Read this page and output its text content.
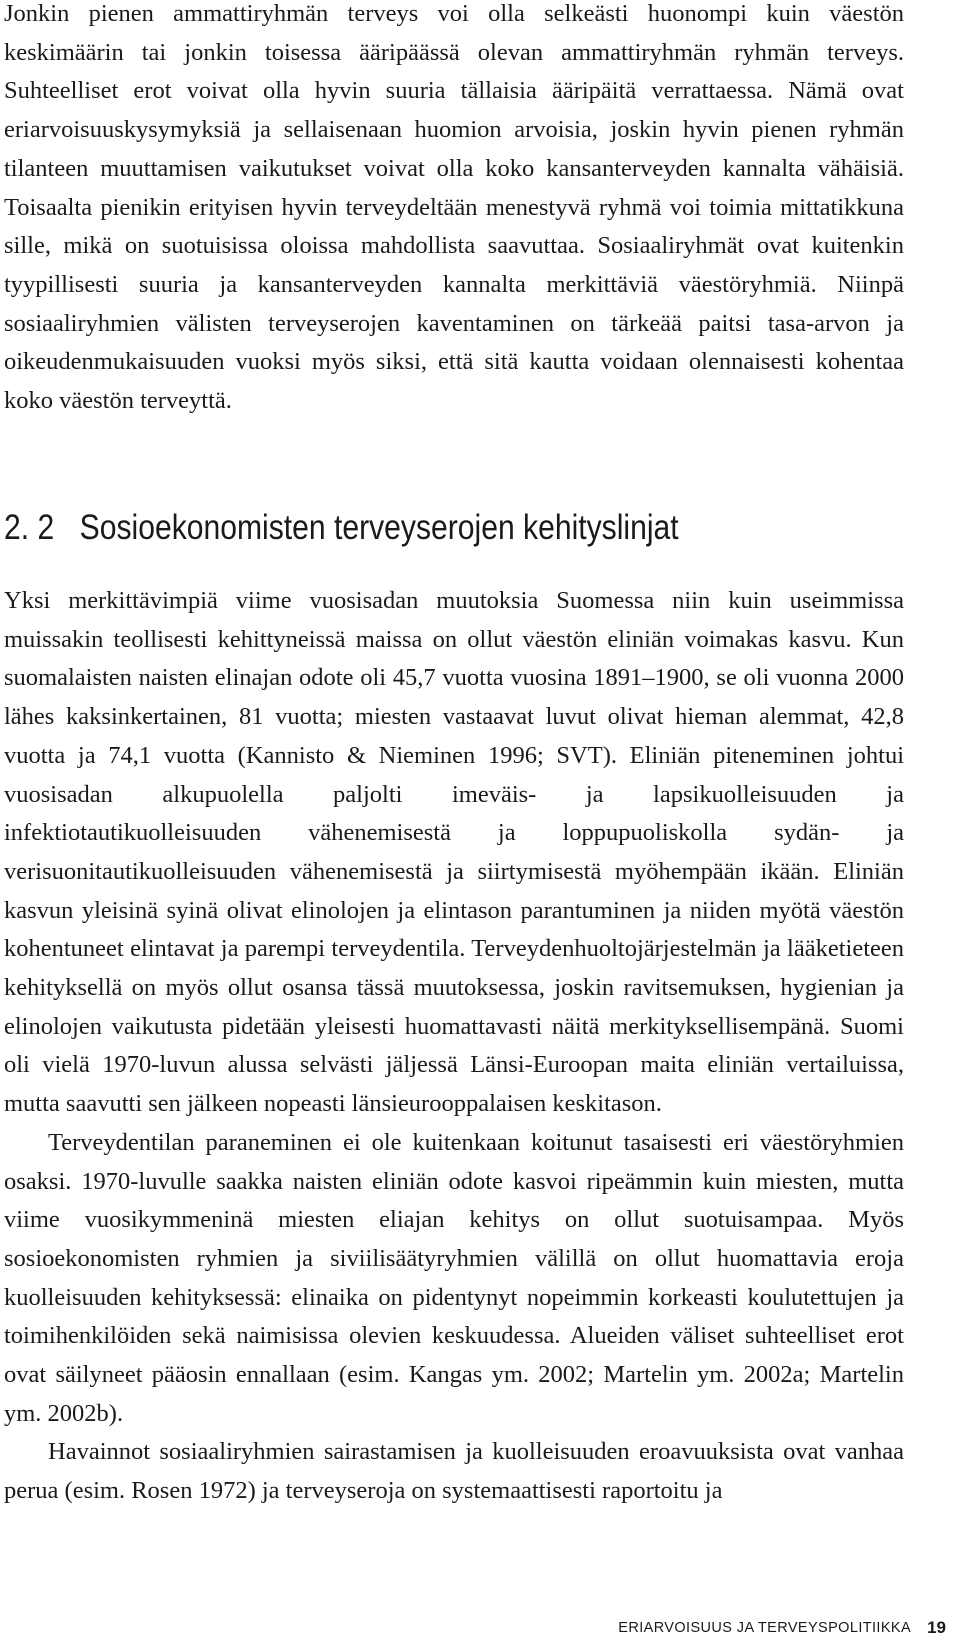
Jonkin pienen ammattiryhmän terveys voi olla selkeästi huonompi kuin väestön keskimäärin tai jonkin toisessa ääripäässä olevan ammattiryhmän ryhmän terveys. Suhteelliset erot voivat olla hyvin suuria tällaisia ääripäitä verrattaessa. Nämä ovat eriarvoisuuskysymyksiä ja sellaisenaan huomion arvoisia, joskin hyvin pienen ryhmän tilanteen muuttamisen vaikutukset voivat olla koko kansanterveyden kannalta vähäisiä. Toisaalta pienikin erityisen hyvin terveydeltään menestyvä ryhmä voi toimia mittatikkuna sille, mikä on suotuisissa oloissa mahdollista saavuttaa. Sosiaaliryhmät ovat kuitenkin tyypillisesti suuria ja kansanterveyden kannalta merkittäviä väestöryhmiä. Niinpä sosiaaliryhmien välisten terveyserojen kaventaminen on tärkeää paitsi tasa-arvon ja oikeudenmukaisuuden vuoksi myös siksi, että sitä kautta voidaan olennaisesti kohentaa koko väestön terveyttä.

2. 2 Sosioekonomisten terveyserojen kehityslinjat

Yksi merkittävimpiä viime vuosisadan muutoksia Suomessa niin kuin useimmissa muissakin teollisesti kehittyneissä maissa on ollut väestön eliniän voimakas kasvu. Kun suomalaisten naisten elinajan odote oli 45,7 vuotta vuosina 1891–1900, se oli vuonna 2000 lähes kaksinkertainen, 81 vuotta; miesten vastaavat luvut olivat hieman alemmat, 42,8 vuotta ja 74,1 vuotta (Kannisto & Nieminen 1996; SVT). Eliniän piteneminen johtui vuosisadan alkupuolella paljolti imeväis- ja lapsikuolleisuuden ja infektiotautikuolleisuuden vähenemisestä ja loppupuoliskolla sydän- ja verisuonitautikuolleisuuden vähenemisestä ja siirtymisestä myöhempään ikään. Eliniän kasvun yleisinä syinä olivat elinolojen ja elintason parantuminen ja niiden myötä väestön kohentuneet elintavat ja parempi terveydentila. Terveydenhuoltojärjestelmän ja lääketieteen kehityksellä on myös ollut osansa tässä muutoksessa, joskin ravitsemuksen, hygienian ja elinolojen vaikutusta pidetään yleisesti huomattavasti näitä merkityksellisempänä. Suomi oli vielä 1970-luvun alussa selvästi jäljessä Länsi-Euroopan maita eliniän vertailuissa, mutta saavutti sen jälkeen nopeasti länsieurooppalaisen keskitason.

Terveydentilan paraneminen ei ole kuitenkaan koitunut tasaisesti eri väestöryhmien osaksi. 1970-luvulle saakka naisten eliniän odote kasvoi ripeämmin kuin miesten, mutta viime vuosikymmeninä miesten eliajan kehitys on ollut suotuisampaa. Myös sosioekonomisten ryhmien ja siviilisäätyryhmien välillä on ollut huomattavia eroja kuolleisuuden kehityksessä: elinaika on pidentynyt nopeimmin korkeasti koulutettujen ja toimihenkilöiden sekä naimisissa olevien keskuudessa. Alueiden väliset suhteelliset erot ovat säilyneet pääosin ennallaan (esim. Kangas ym. 2002; Martelin ym. 2002a; Martelin ym. 2002b).

Havainnot sosiaaliryhmien sairastamisen ja kuolleisuuden eroavuuksista ovat vanhaa perua (esim. Rosen 1972) ja terveyseroja on systemaattisesti raportoitu ja

ERIARVOISUUS JA TERVEYSPOLITIIKKA 19
